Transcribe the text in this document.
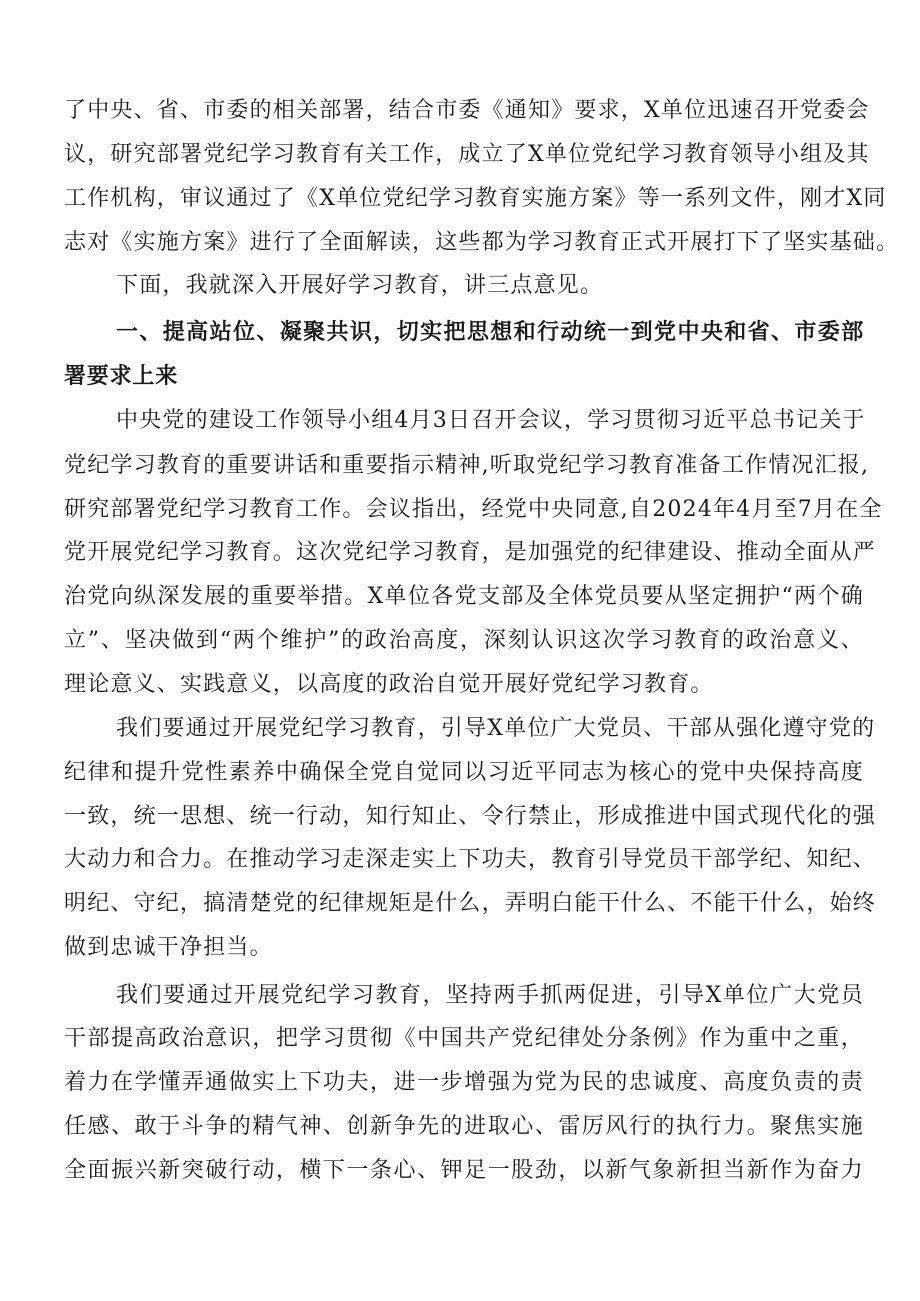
了中央、省、市委的相关部署，结合市委《通知》要求，X单位迅速召开党委会
议，研究部署党纪学习教育有关工作，成立了X单位党纪学习教育领导小组及其
工作机构，审议通过了《X单位党纪学习教育实施方案》等一系列文件，刚才X同
志对《实施方案》进行了全面解读，这些都为学习教育正式开展打下了坚实基础。
下面，我就深入开展好学习教育，讲三点意见。
一、提高站位、凝聚共识，切实把思想和行动统一到党中央和省、市委部
署要求上来
中央党的建设工作领导小组4月3日召开会议，学习贯彻习近平总书记关于
党纪学习教育的重要讲话和重要指示精神,听取党纪学习教育准备工作情况汇报,
研究部署党纪学习教育工作。会议指出，经党中央同意,自2024年4月至7月在全
党开展党纪学习教育。这次党纪学习教育，是加强党的纪律建设、推动全面从严
治党向纵深发展的重要举措。X单位各党支部及全体党员要从坚定拥护“两个确
立”、坚决做到“两个维护”的政治高度，深刻认识这次学习教育的政治意义、
理论意义、实践意义，以高度的政治自觉开展好党纪学习教育。
我们要通过开展党纪学习教育，引导X单位广大党员、干部从强化遵守党的
纪律和提升党性素养中确保全党自觉同以习近平同志为核心的党中央保持高度
一致，统一思想、统一行动，知行知止、令行禁止，形成推进中国式现代化的强
大动力和合力。在推动学习走深走实上下功夫，教育引导党员干部学纪、知纪、
明纪、守纪，搞清楚党的纪律规矩是什么，弄明白能干什么、不能干什么，始终
做到忠诚干净担当。
我们要通过开展党纪学习教育，坚持两手抓两促进，引导X单位广大党员
干部提高政治意识，把学习贯彻《中国共产党纪律处分条例》作为重中之重，
着力在学懂弄通做实上下功夫，进一步增强为党为民的忠诚度、高度负责的责
任感、敢于斗争的精气神、创新争先的进取心、雷厉风行的执行力。聚焦实施
全面振兴新突破行动，横下一条心、钾足一股劲，以新气象新担当新作为奋力
